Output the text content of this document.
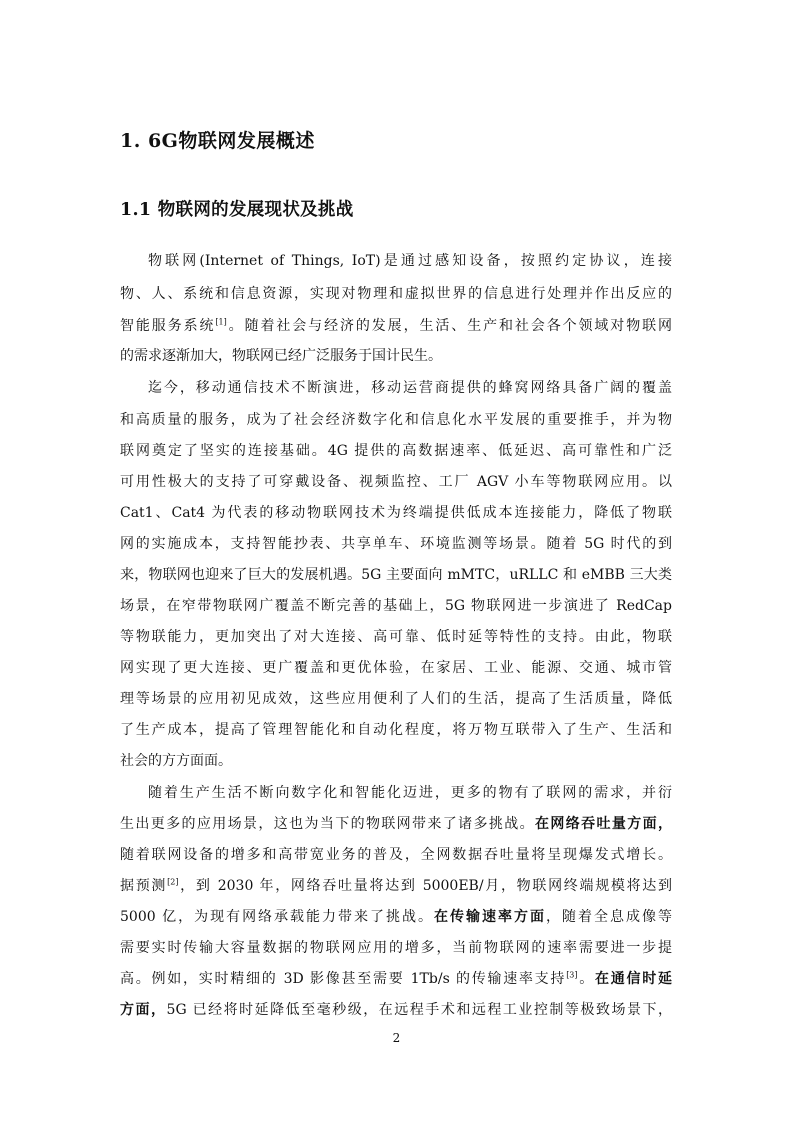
1. 6G物联网发展概述
1.1 物联网的发展现状及挑战
物联网(Internet of Things, IoT)是通过感知设备，按照约定协议，连接
物、人、系统和信息资源，实现对物理和虚拟世界的信息进行处理并作出反应的
智能服务系统[1]。随着社会与经济的发展，生活、生产和社会各个领域对物联网
的需求逐渐加大，物联网已经广泛服务于国计民生。
迄今，移动通信技术不断演进，移动运营商提供的蜂窝网络具备广阔的覆盖
和高质量的服务，成为了社会经济数字化和信息化水平发展的重要推手，并为物
联网奠定了坚实的连接基础。4G 提供的高数据速率、低延迟、高可靠性和广泛
可用性极大的支持了可穿戴设备、视频监控、工厂 AGV 小车等物联网应用。以
Cat1、Cat4 为代表的移动物联网技术为终端提供低成本连接能力，降低了物联
网的实施成本，支持智能抄表、共享单车、环境监测等场景。随着 5G 时代的到
来，物联网也迎来了巨大的发展机遇。5G 主要面向 mMTC，uRLLC 和 eMBB 三大类
场景，在窄带物联网广覆盖不断完善的基础上，5G 物联网进一步演进了 RedCap
等物联能力，更加突出了对大连接、高可靠、低时延等特性的支持。由此，物联
网实现了更大连接、更广覆盖和更优体验，在家居、工业、能源、交通、城市管
理等场景的应用初见成效，这些应用便利了人们的生活，提高了生活质量，降低
了生产成本，提高了管理智能化和自动化程度，将万物互联带入了生产、生活和
社会的方方面面。
随着生产生活不断向数字化和智能化迈进，更多的物有了联网的需求，并衍
生出更多的应用场景，这也为当下的物联网带来了诸多挑战。在网络吞吐量方面，
随着联网设备的增多和高带宽业务的普及，全网数据吞吐量将呈现爆发式增长。
据预测[2]，到 2030 年，网络吞吐量将达到 5000EB/月，物联网终端规模将达到
5000 亿，为现有网络承载能力带来了挑战。在传输速率方面，随着全息成像等
需要实时传输大容量数据的物联网应用的增多，当前物联网的速率需要进一步提
高。例如，实时精细的 3D 影像甚至需要 1Tb/s 的传输速率支持[3]。在通信时延
方面，5G 已经将时延降低至毫秒级，在远程手术和远程工业控制等极致场景下，
2
